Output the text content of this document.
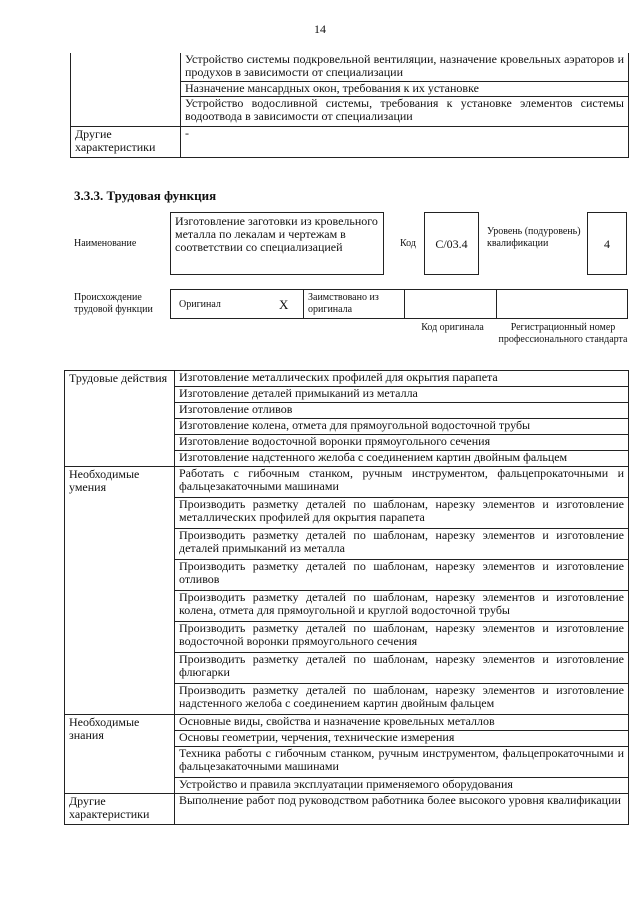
14
	Устройство системы подкровельной вентиляции, назначение кровельных аэраторов и продухов в зависимости от специализации
	Назначение мансардных окон, требования к их установке
	Устройство водосливной системы, требования к установке элементов системы водоотвода в зависимости от специализации
Другие характеристики	-
3.3.3. Трудовая функция
Наименование
Изготовление заготовки из кровельного металла по лекалам и чертежам в соответствии со специализацией	Код	С/03.4
Уровень (подуровень) квалификации	4
Происхождение трудовой функции	Оригинал	Х	Заимствовано из оригинала
Код оригинала	Регистрационный номер профессионального стандарта
Трудовые действия	Изготовление металлических профилей для окрытия парапета
	Изготовление деталей примыканий из металла
	Изготовление отливов
	Изготовление колена, отмета для прямоугольной водосточной трубы
	Изготовление водосточной воронки прямоугольного сечения
	Изготовление надстенного желоба с соединением картин двойным фальцем
Необходимые умения	Работать с гибочным станком, ручным инструментом, фальцепрокаточными и фальцезакаточными машинами
	Производить разметку деталей по шаблонам, нарезку элементов и изготовление металлических профилей для окрытия парапета
	Производить разметку деталей по шаблонам, нарезку элементов и изготовление деталей примыканий из металла
	Производить разметку деталей по шаблонам, нарезку элементов и изготовление отливов
	Производить разметку деталей по шаблонам, нарезку элементов и изготовление колена, отмета для прямоугольной и круглой водосточной трубы
	Производить разметку деталей по шаблонам, нарезку элементов и изготовление водосточной воронки прямоугольного сечения
	Производить разметку деталей по шаблонам, нарезку элементов и изготовление флюгарки
	Производить разметку деталей по шаблонам, нарезку элементов и изготовление надстенного желоба с соединением картин двойным фальцем
Необходимые знания	Основные виды, свойства и назначение кровельных металлов
	Основы геометрии, черчения, технические измерения
	Техника работы с гибочным станком, ручным инструментом, фальцепрокаточными и фальцезакаточными машинами
	Устройство и правила эксплуатации применяемого оборудования
Другие характеристики	Выполнение работ под руководством работника более высокого уровня квалификации
